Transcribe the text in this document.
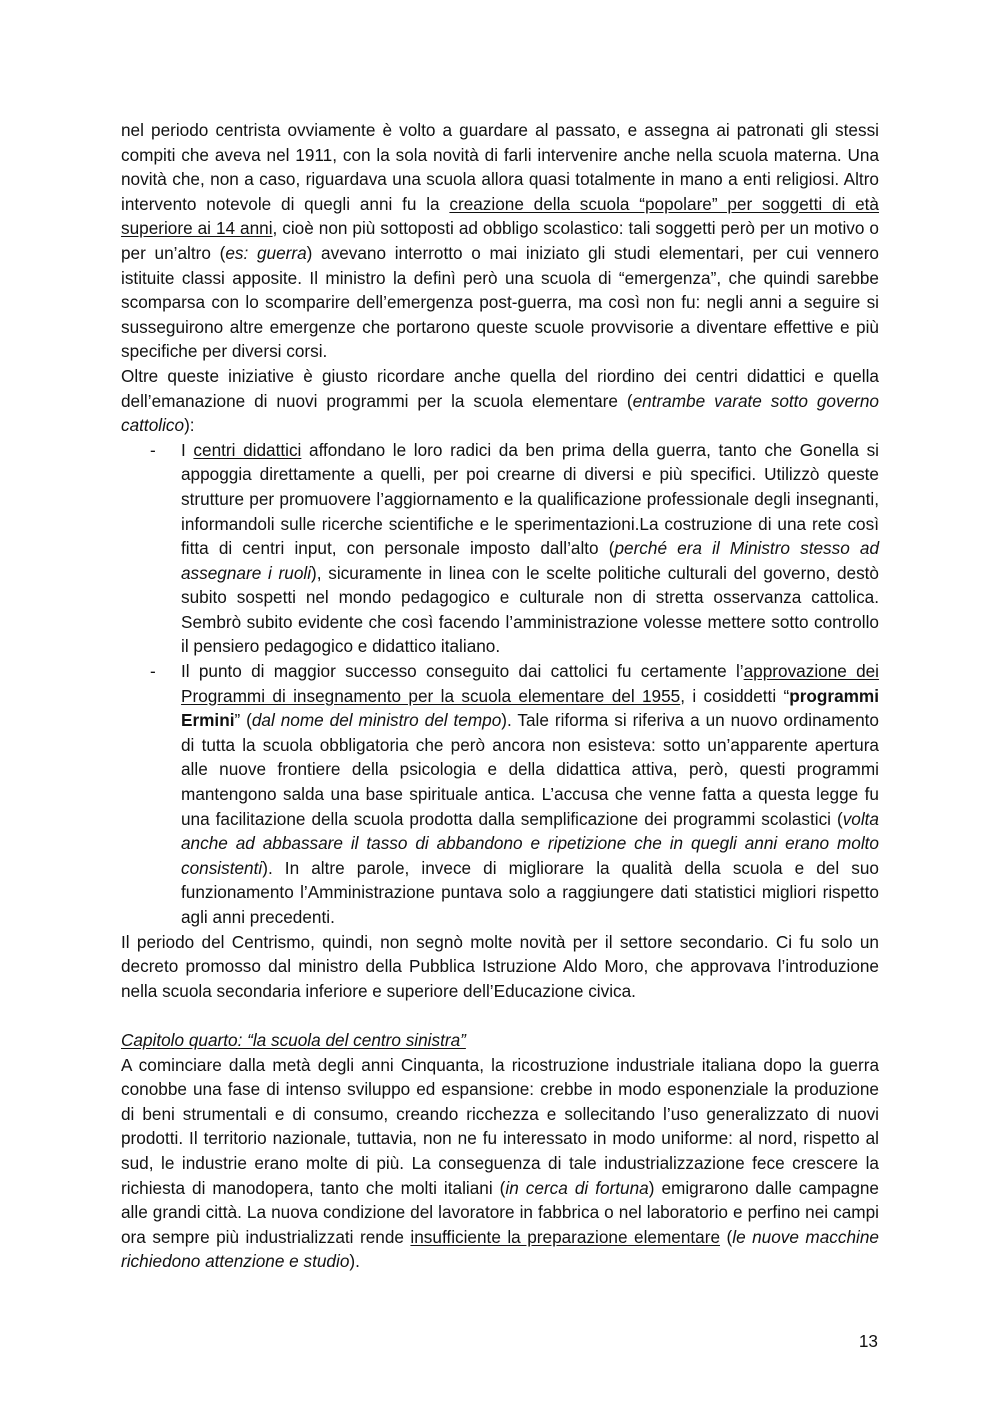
nel periodo centrista ovviamente è volto a guardare al passato, e assegna ai patronati gli stessi compiti che aveva nel 1911, con la sola novità di farli intervenire anche nella scuola materna. Una novità che, non a caso, riguardava una scuola allora quasi totalmente in mano a enti religiosi. Altro intervento notevole di quegli anni fu la creazione della scuola “popolare” per soggetti di età superiore ai 14 anni, cioè non più sottoposti ad obbligo scolastico: tali soggetti però per un motivo o per un’altro (es: guerra) avevano interrotto o mai iniziato gli studi elementari, per cui vennero istituite classi apposite. Il ministro la definì però una scuola di “emergenza”, che quindi sarebbe scomparsa con lo scomparire dell’emergenza post-guerra, ma così non fu: negli anni a seguire si susseguirono altre emergenze che portarono queste scuole provvisorie a diventare effettive e più specifiche per diversi corsi.

Oltre queste iniziative è giusto ricordare anche quella del riordino dei centri didattici e quella dell’emanazione di nuovi programmi per la scuola elementare (entrambe varate sotto governo cattolico):

- I centri didattici affondano le loro radici da ben prima della guerra, tanto che Gonella si appoggia direttamente a quelli, per poi crearne di diversi e più specifici. Utilizzò queste strutture per promuovere l’aggiornamento e la qualificazione professionale degli insegnanti, informandoli sulle ricerche scientifiche e le sperimentazioni.La costruzione di una rete così fitta di centri input, con personale imposto dall’alto (perché era il Ministro stesso ad assegnare i ruoli), sicuramente in linea con le scelte politiche culturali del governo, destò subito sospetti nel mondo pedagogico e culturale non di stretta osservanza cattolica. Sembrò subito evidente che così facendo l’amministrazione volesse mettere sotto controllo il pensiero pedagogico e didattico italiano.
- Il punto di maggior successo conseguito dai cattolici fu certamente l’approvazione dei Programmi di insegnamento per la scuola elementare del 1955, i cosiddetti “programmi Ermini” (dal nome del ministro del tempo). Tale riforma si riferiva a un nuovo ordinamento di tutta la scuola obbligatoria che però ancora non esisteva: sotto un’apparente apertura alle nuove frontiere della psicologia e della didattica attiva, però, questi programmi mantengono salda una base spirituale antica. L’accusa che venne fatta a questa legge fu una facilitazione della scuola prodotta dalla semplificazione dei programmi scolastici (volta anche ad abbassare il tasso di abbandono e ripetizione che in quegli anni erano molto consistenti). In altre parole, invece di migliorare la qualità della scuola e del suo funzionamento l’Amministrazione puntava solo a raggiungere dati statistici migliori rispetto agli anni precedenti.

Il periodo del Centrismo, quindi, non segnò molte novità per il settore secondario. Ci fu solo un decreto promosso dal ministro della Pubblica Istruzione Aldo Moro, che approvava l’introduzione nella scuola secondaria inferiore e superiore dell’Educazione civica.

Capitolo quarto: “la scuola del centro sinistra”

A cominciare dalla metà degli anni Cinquanta, la ricostruzione industriale italiana dopo la guerra conobbe una fase di intenso sviluppo ed espansione: crebbe in modo esponenziale la produzione di beni strumentali e di consumo, creando ricchezza e sollecitando l’uso generalizzato di nuovi prodotti. Il territorio nazionale, tuttavia, non ne fu interessato in modo uniforme: al nord, rispetto al sud, le industrie erano molte di più. La conseguenza di tale industrializzazione fece crescere la richiesta di manodopera, tanto che molti italiani (in cerca di fortuna) emigrarono dalle campagne alle grandi città. La nuova condizione del lavoratore in fabbrica o nel laboratorio e perfino nei campi ora sempre più industrializzati rende insufficiente la preparazione elementare (le nuove macchine richiedono attenzione e studio).

13
